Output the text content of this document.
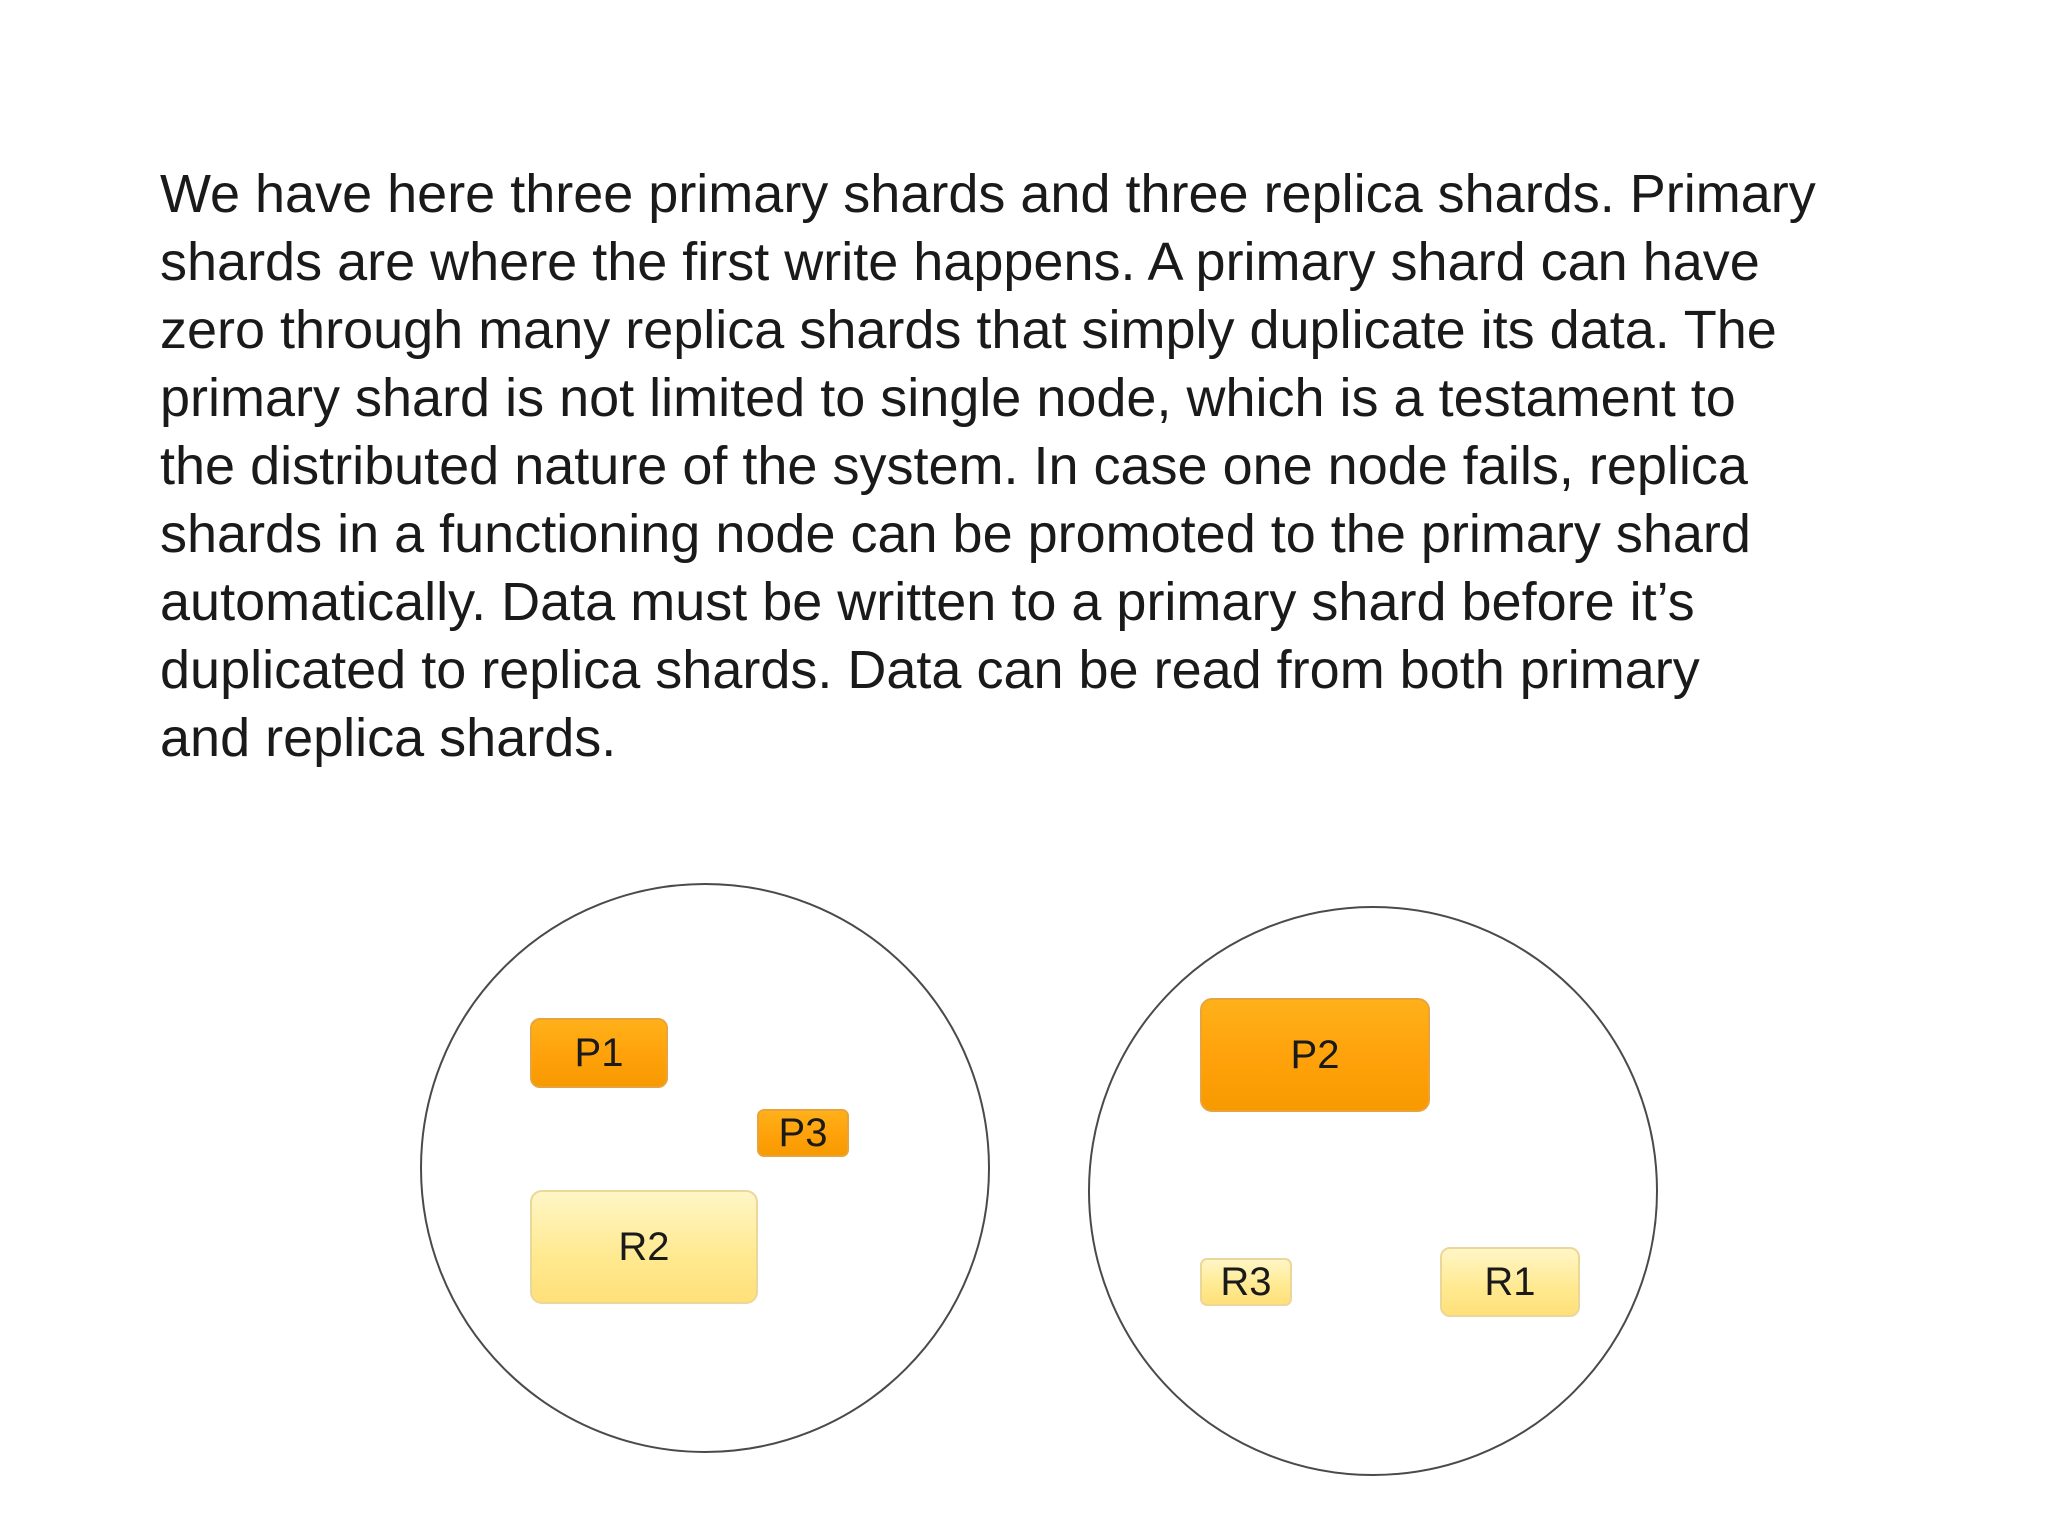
We have here three primary shards and three replica shards. Primary
shards are where the first write happens. A primary shard can have
zero through many replica shards that simply duplicate its data. The
primary shard is not limited to single node, which is a testament to
the distributed nature of the system. In case one node fails, replica
shards in a functioning node can be promoted to the primary shard
automatically. Data must be written to a primary shard before it’s
duplicated to replica shards. Data can be read from both primary
and replica shards.
P1
P3
R2
P2
R3	R1
